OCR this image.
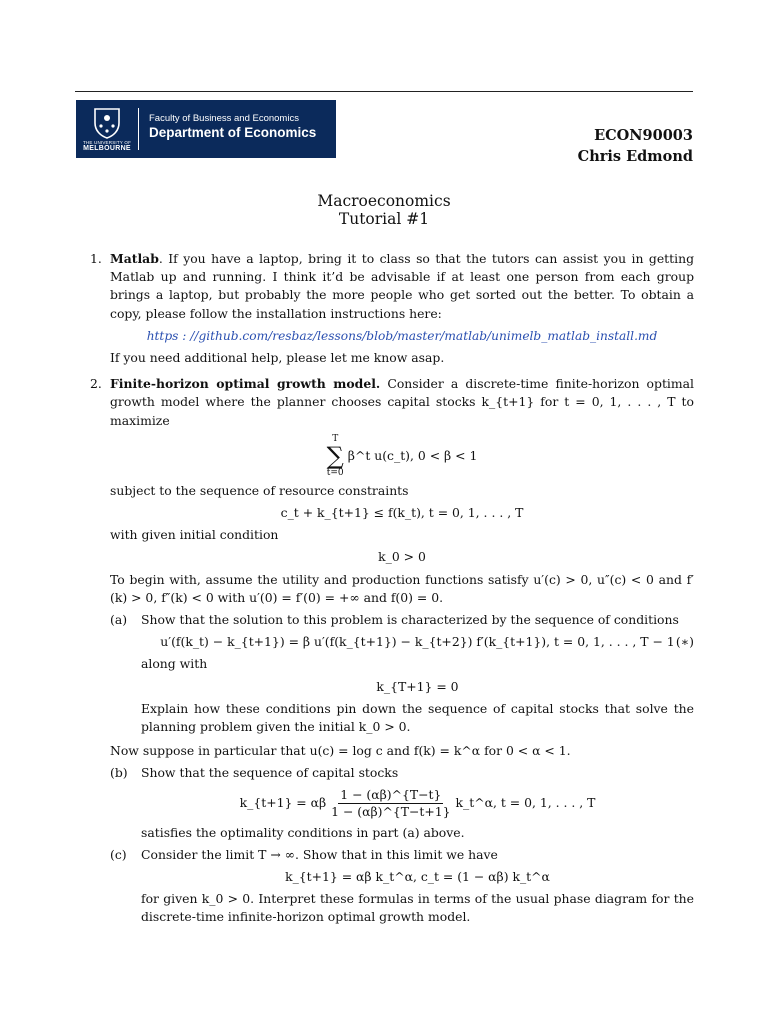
THE UNIVERSITY OF
MELBOURNE
Faculty of Business and Economics
Department of Economics	ECON90003
Chris Edmond
Macroeconomics
Tutorial #1
1. Matlab. If you have a laptop, bring it to class so that the tutors can assist you in getting Matlab up and running. I think it’d be advisable if at least one person from each group brings a laptop, but probably the more people who get sorted out the better. To obtain a copy, please follow the installation instructions here:

https : //github.com/resbaz/lessons/blob/master/matlab/unimelb_matlab_install.md

If you need additional help, please let me know asap.

2. Finite-horizon optimal growth model. Consider a discrete-time finite-horizon optimal growth model where the planner chooses capital stocks k_{t+1} for t = 0, 1, . . . , T to maximize

T
∑
t=0
β^t u(c_t), 0 < β < 1

subject to the sequence of resource constraints

c_t + k_{t+1} ≤ f(k_t), t = 0, 1, . . . , T

with given initial condition

k_0 > 0

To begin with, assume the utility and production functions satisfy u′(c) > 0, u″(c) < 0 and f′(k) > 0, f″(k) < 0 with u′(0) = f′(0) = +∞ and f(0) = 0.

(a) Show that the solution to this problem is characterized by the sequence of conditions

u′(f(k_t) − k_{t+1}) = β u′(f(k_{t+1}) − k_{t+2}) f′(k_{t+1}), t = 0, 1, . . . , T − 1 (∗)

along with

k_{T+1} = 0

Explain how these conditions pin down the sequence of capital stocks that solve the planning problem given the initial k_0 > 0.

Now suppose in particular that u(c) = log c and f(k) = k^α for 0 < α < 1.

(b) Show that the sequence of capital stocks

k_{t+1} = αβ $\frac{1 - (\alpha\beta)\^{}\{T-t\}}{1 - (\alpha\beta)\^{}\{T-t+1\}}$ k_t^α, t = 0, 1, . . . , T

satisfies the optimality conditions in part (a) above.

(c) Consider the limit T → ∞. Show that in this limit we have

k_{t+1} = αβ k_t^α, c_t = (1 − αβ) k_t^α

for given k_0 > 0. Interpret these formulas in terms of the usual phase diagram for the discrete-time infinite-horizon optimal growth model.
